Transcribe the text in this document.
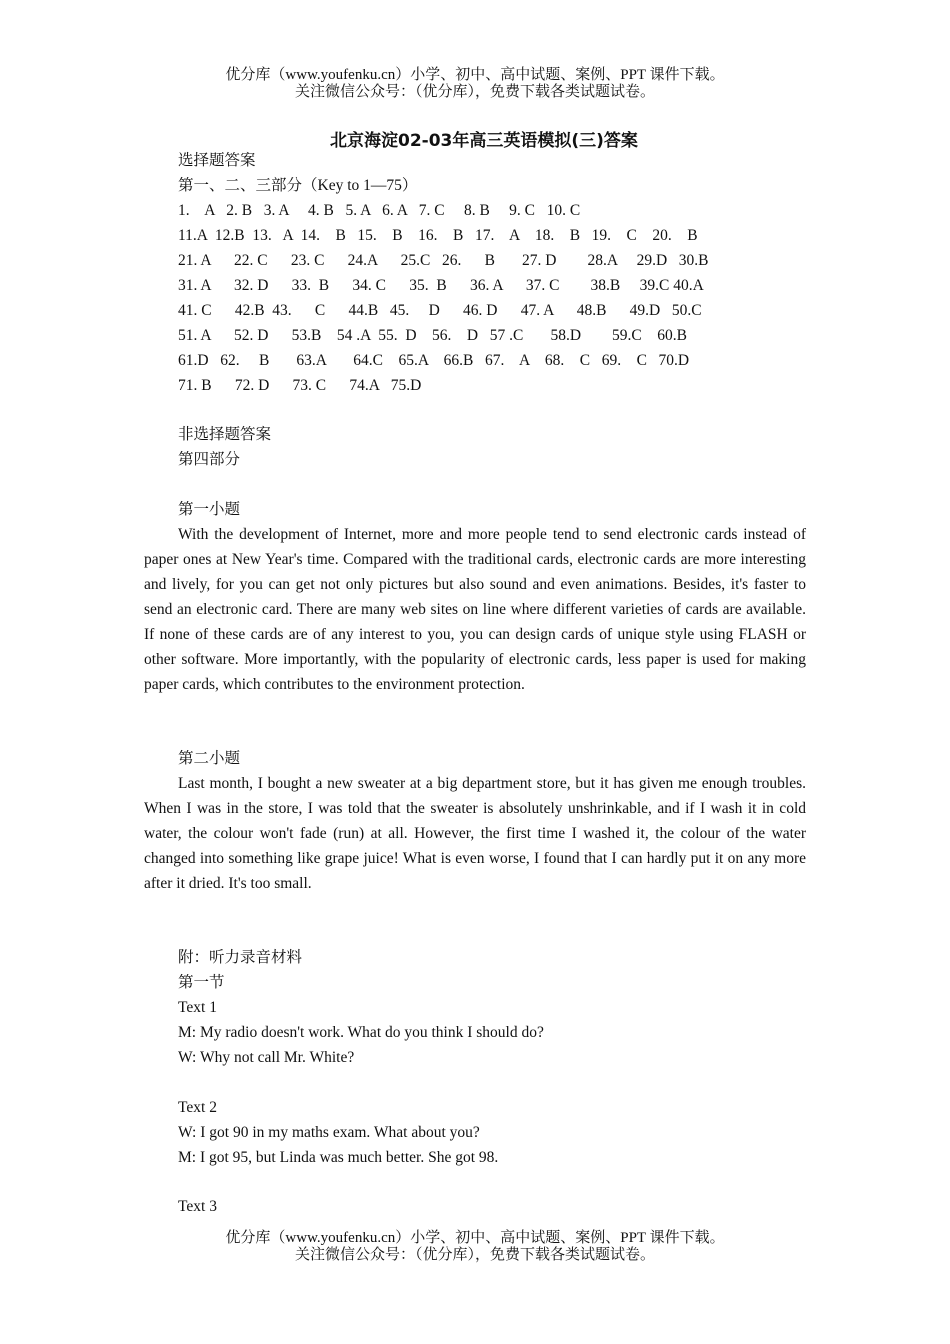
优分库（www.youfenku.cn）小学、初中、高中试题、案例、PPT 课件下载。
关注微信公众号：（优分库），免费下载各类试题试卷。
北京海淀02-03年高三英语模拟(三)答案
选择题答案
第一、二、三部分（Key to 1—75）
1.    A   2. B   3. A     4. B   5. A   6. A   7. C     8. B     9. C   10. C
11.A  12.B  13.   A  14.    B   15.    B    16.    B   17.    A    18.    B   19.    C    20.    B
21. A      22. C      23. C      24.A      25.C   26.      B       27. D        28.A     29.D   30.B
31. A      32. D      33.  B      34. C      35.  B      36. A      37. C        38.B     39.C 40.A
41. C      42.B  43.      C      44.B   45.     D      46. D      47. A      48.B      49.D   50.C
51. A      52. D      53.B    54 .A  55.  D    56.    D   57 .C       58.D        59.C    60.B
61.D   62.     B       63.A       64.C    65.A    66.B   67.    A    68.    C   69.    C   70.D
71. B      72. D      73. C      74.A   75.D
非选择题答案
第四部分
第一小题
With the development of Internet, more and more people tend to send electronic cards instead of paper ones at New Year's time. Compared with the traditional cards, electronic cards are more interesting and lively, for you can get not only pictures but also sound and even animations. Besides, it's faster to send an electronic card. There are many web sites on line where different varieties of cards are available. If none of these cards are of any interest to you, you can design cards of unique style using FLASH or other software. More importantly, with the popularity of electronic cards, less paper is used for making paper cards, which contributes to the environment protection.
第二小题
Last month, I bought a new sweater at a big department store, but it has given me enough troubles. When I was in the store, I was told that the sweater is absolutely unshrinkable, and if I wash it in cold water, the colour won't fade (run) at all. However, the first time I washed it, the colour of the water changed into something like grape juice! What is even worse, I found that I can hardly put it on any more after it dried. It's too small.
附：听力录音材料
第一节
Text 1
M: My radio doesn't work. What do you think I should do?
W: Why not call Mr. White?
Text 2
W: I got 90 in my maths exam. What about you?
M: I got 95, but Linda was much better. She got 98.
Text 3
优分库（www.youfenku.cn）小学、初中、高中试题、案例、PPT 课件下载。
关注微信公众号：（优分库），免费下载各类试题试卷。
